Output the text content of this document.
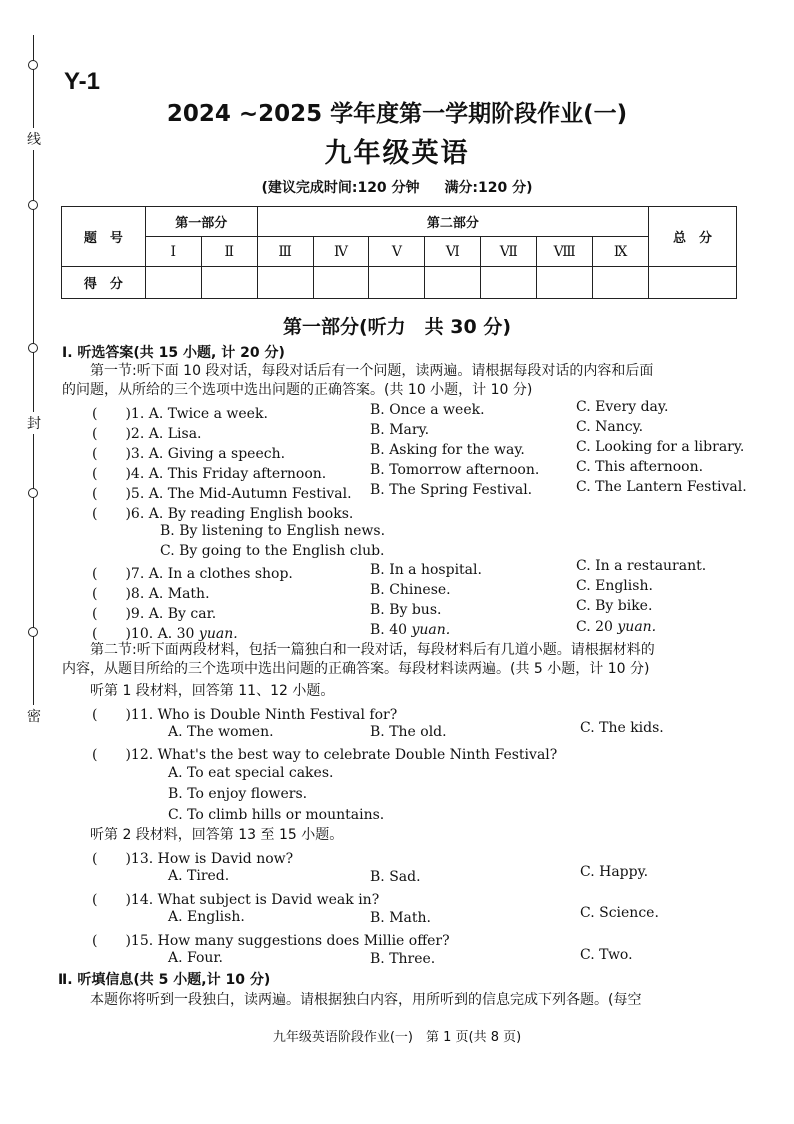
线
封
密
Y-1
2024 ~2025 学年度第一学期阶段作业(一)
九年级英语
(建议完成时间:120 分钟 满分:120 分)
题　号	第一部分		第二部分							总　分
	Ⅰ	Ⅱ	Ⅲ	Ⅳ	Ⅴ	Ⅵ	Ⅶ	Ⅷ	Ⅸ	
得　分										
第一部分(听力　共 30 分)
Ⅰ. 听选答案(共 15 小题, 计 20 分)
第一节:听下面 10 段对话，每段对话后有一个问题，读两遍。请根据每段对话的内容和后面
的问题，从所给的三个选项中选出问题的正确答案。(共 10 小题，计 10 分)
(　　)1. A. Twice a week.	B. Once a week.	C. Every day.
(　　)2. A. Lisa.	B. Mary.	C. Nancy.
(　　)3. A. Giving a speech.	B. Asking for the way.	C. Looking for a library.
(　　)4. A. This Friday afternoon.	B. Tomorrow afternoon.	C. This afternoon.
(　　)5. A. The Mid-Autumn Festival. B. The Spring Festival.	C. The Lantern Festival.
(　　)6. A. By reading English books.
B. By listening to English news.
C. By going to the English club.
(　　)7. A. In a clothes shop.	B. In a hospital.	C. In a restaurant.
(　　)8. A. Math.	B. Chinese.	C. English.
(　　)9. A. By car.	B. By bus.	C. By bike.
(　　)10. A. 30 yuan.	B. 40 yuan.	C. 20 yuan.
第二节:听下面两段材料，包括一篇独白和一段对话，每段材料后有几道小题。请根据材料的
内容，从题目所给的三个选项中选出问题的正确答案。每段材料读两遍。(共 5 小题，计 10 分)
听第 1 段材料，回答第 11、12 小题。
(　　)11. Who is Double Ninth Festival for?
A. The women.	B. The old.	C. The kids.
(　　)12. What's the best way to celebrate Double Ninth Festival?
A. To eat special cakes.
B. To enjoy flowers.
C. To climb hills or mountains.
听第 2 段材料，回答第 13 至 15 小题。
(　　)13. How is David now?
A. Tired.	B. Sad.	C. Happy.
(　　)14. What subject is David weak in?
A. English.	B. Math.	C. Science.
(　　)15. How many suggestions does Millie offer?
A. Four.	B. Three.	C. Two.
Ⅱ. 听填信息(共 5 小题,计 10 分)
本题你将听到一段独白，读两遍。请根据独白内容，用所听到的信息完成下列各题。(每空
九年级英语阶段作业(一)　第 1 页(共 8 页)
